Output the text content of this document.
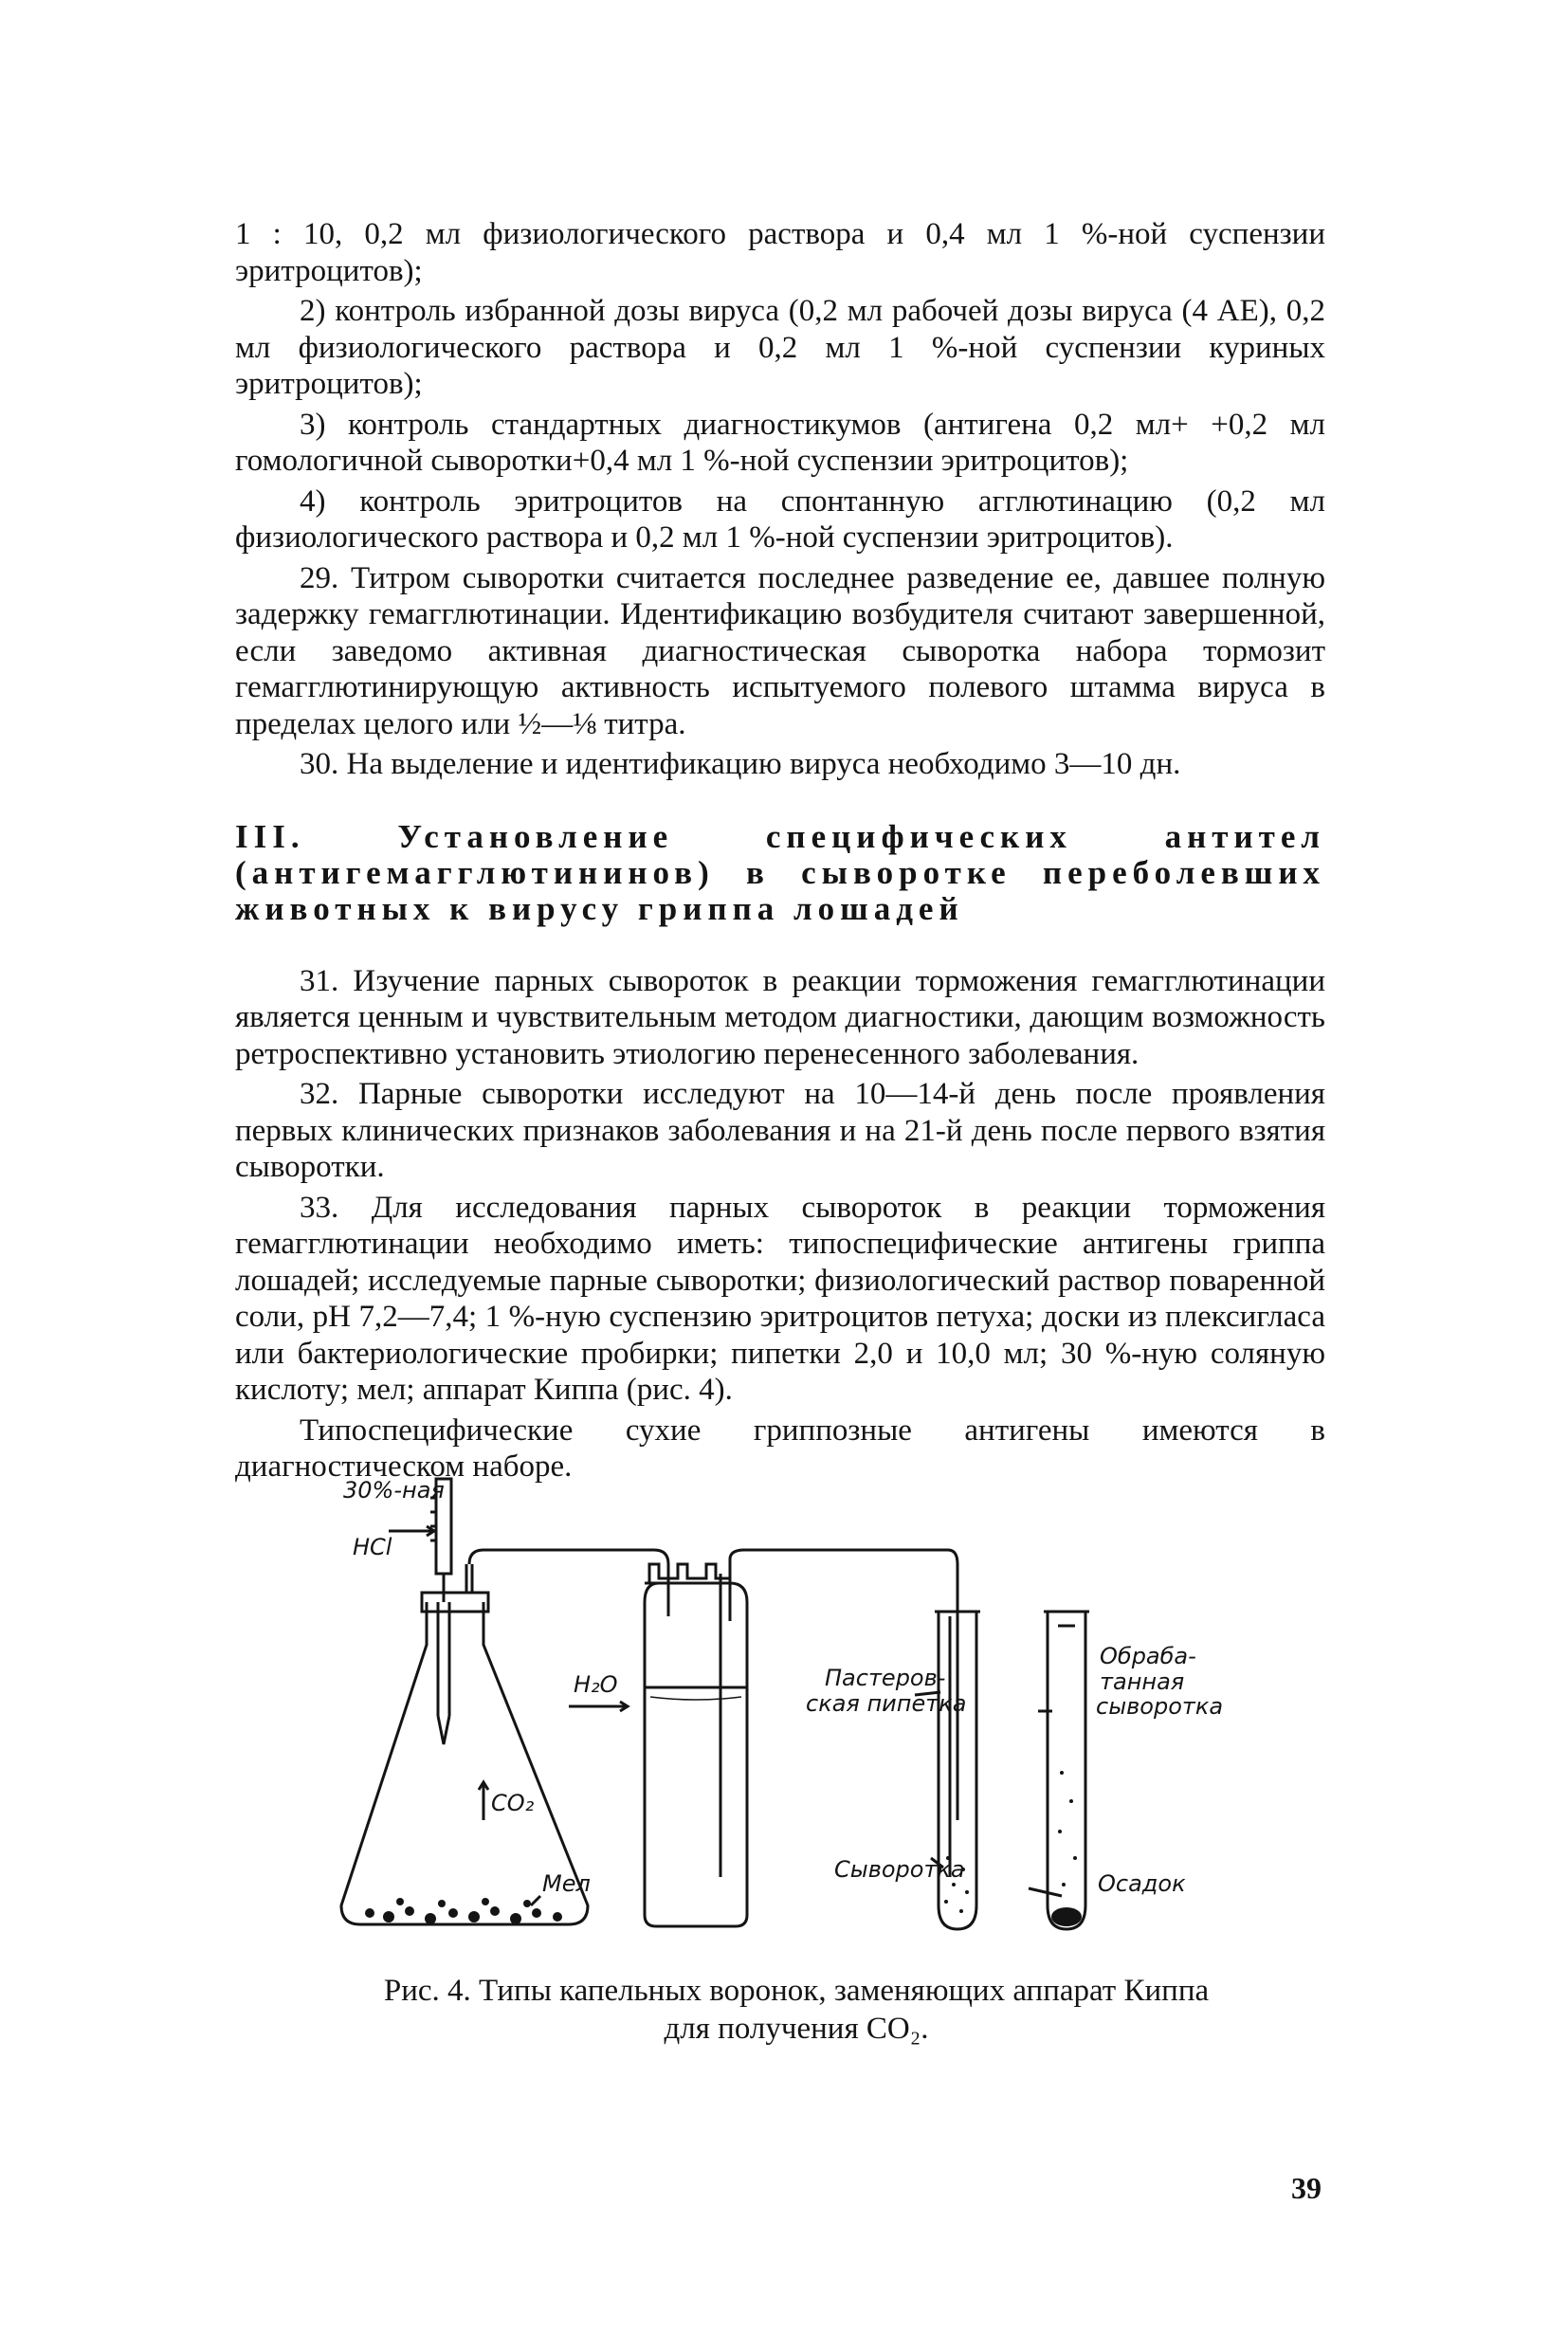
1 : 10, 0,2 мл физиологического раствора и 0,4 мл 1 %-ной суспензии эритроцитов);

2) контроль избранной дозы вируса (0,2 мл рабочей дозы вируса (4 АЕ), 0,2 мл физиологического раствора и 0,2 мл 1 %-ной суспензии куриных эритроцитов);

3) контроль стандартных диагностикумов (антигена 0,2 мл+ +0,2 мл гомологичной сыворотки+0,4 мл 1 %-ной суспензии эритроцитов);

4) контроль эритроцитов на спонтанную агглютинацию (0,2 мл физиологического раствора и 0,2 мл 1 %-ной суспензии эритроцитов).

29. Титром сыворотки считается последнее разведение ее, давшее полную задержку гемагглютинации. Идентификацию возбудителя считают завершенной, если заведомо активная диагностическая сыворотка набора тормозит гемагглютинирующую активность испытуемого полевого штамма вируса в пределах целого или ½—⅛ титра.

30. На выделение и идентификацию вируса необходимо 3—10 дн.

III. Установление специфических антител (антигемагглютининов) в сыворотке переболевших животных к вирусу гриппа лошадей

31. Изучение парных сывороток в реакции торможения гемагглютинации является ценным и чувствительным методом диагностики, дающим возможность ретроспективно установить этиологию перенесенного заболевания.

32. Парные сыворотки исследуют на 10—14-й день после проявления первых клинических признаков заболевания и на 21-й день после первого взятия сыворотки.

33. Для исследования парных сывороток в реакции торможения гемагглютинации необходимо иметь: типоспецифические антигены гриппа лошадей; исследуемые парные сыворотки; физиологический раствор поваренной соли, pH 7,2—7,4; 1 %-ную суспензию эритроцитов петуха; доски из плексигласа или бактериологические пробирки; пипетки 2,0 и 10,0 мл; 30 %-ную соляную кислоту; мел; аппарат Киппа (рис. 4).

Типоспецифические сухие гриппозные антигены имеются в диагностическом наборе.

30%-ная
HCl
H₂O
CO₂
Мел
Пастеров-
ская пипетка
Сыворотка
Обраба-
танная
сыворотка
Осадок
Рис. 4. Типы капельных воронок, заменяющих аппарат Киппа для получения CO₂.
39
